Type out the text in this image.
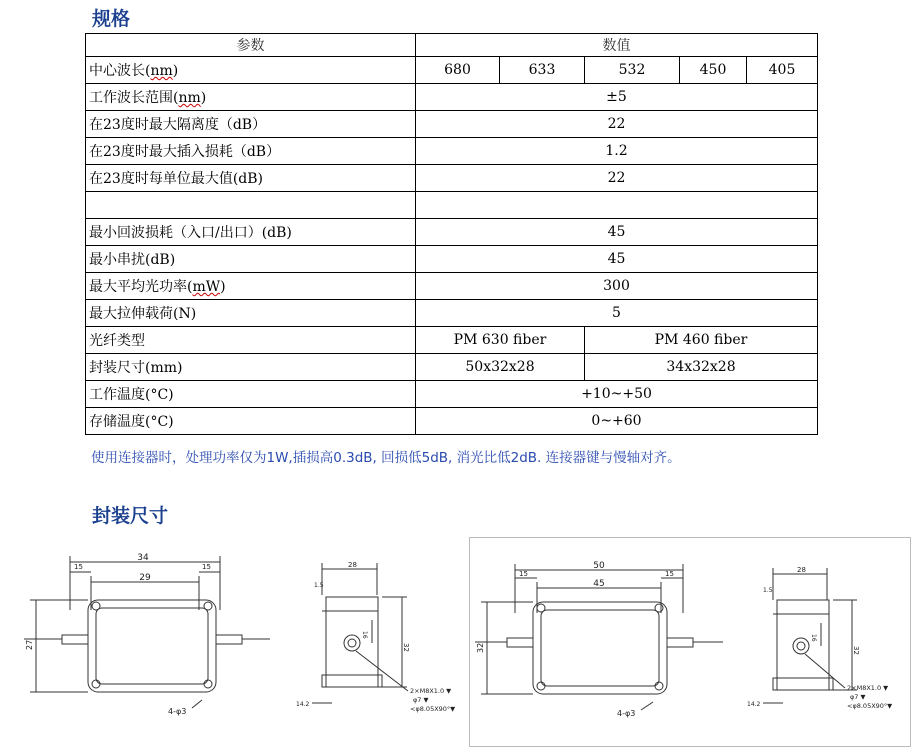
规格
参数	数值				
中心波长(nm)	680	633	532	450	405
工作波长范围(nm)	±5				
在23度时最大隔离度（dB）	22				
在23度时最大插入损耗（dB）	1.2				
在23度时每单位最大值(dB)	22				

最小回波损耗（入口/出口）(dB)	45				
最小串扰(dB)	45				
最大平均光功率(mW)	300				
最大拉伸载荷(N)	5				
光纤类型	PM 630 fiber		PM 460 fiber		
封装尺寸(mm)	50x32x28		34x32x28		
工作温度(°C)	+10~+50				
存储温度(°C)	0~+60				
使用连接器时，处理功率仅为1W,插损高0.3dB, 回损低5dB, 消光比低2dB. 连接器键与慢轴对齐。
封装尺寸
34
29
15	15
27
4-φ3
28
1.5
32
16
14.2
2×M8X1.0 ▼
φ7 ▼
<φ8.05X90°▼
50
45
15	15
32
4-φ3
28
1.5
32
16
14.2
2×M8X1.0 ▼
φ7 ▼
<φ8.05X90°▼
